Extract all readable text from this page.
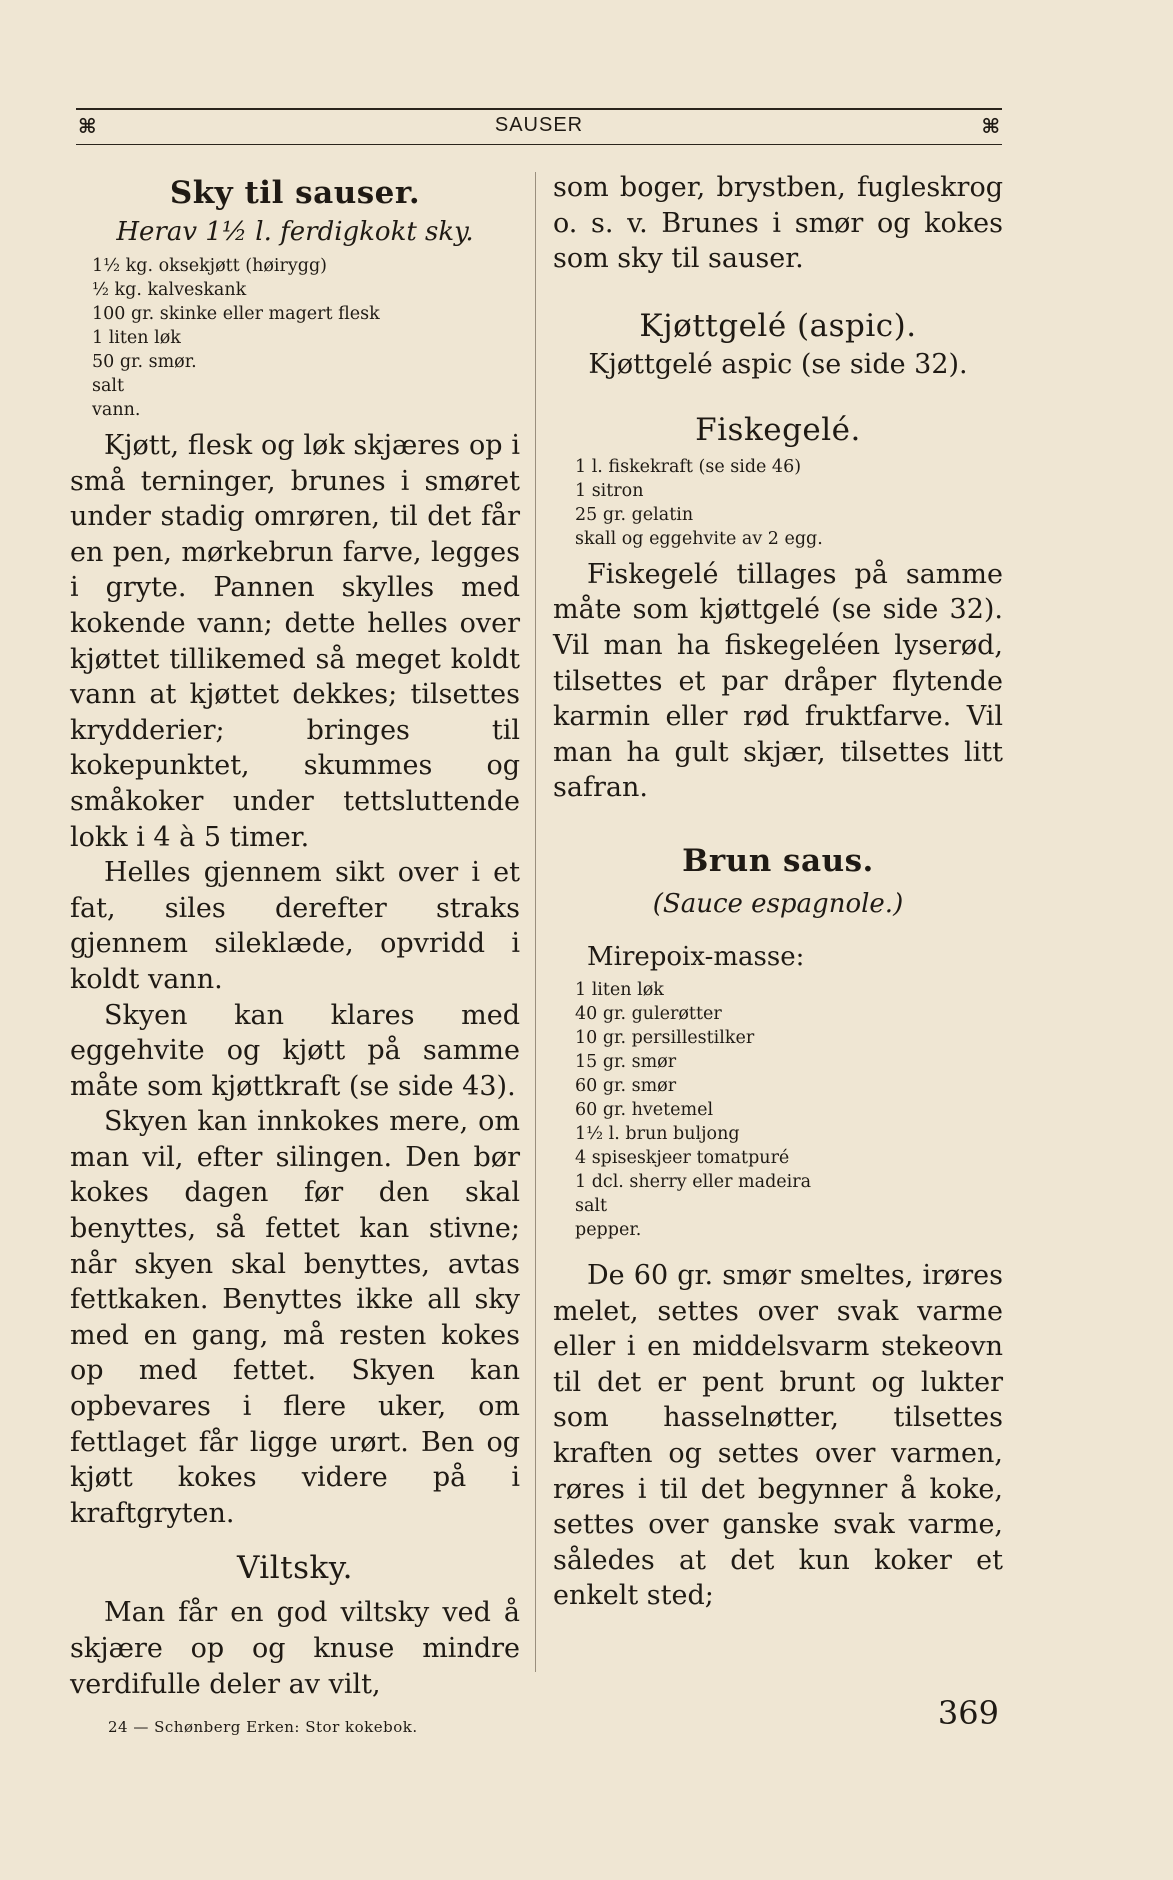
⌘	SAUSER	⌘
Sky til sauser.

Herav 1½ l. ferdigkokt sky.

1½ kg. oksekjøtt (høirygg)
½ kg. kalveskank
100 gr. skinke eller magert flesk
1 liten løk
50 gr. smør.
salt
vann.

Kjøtt, flesk og løk skjæres op i små terninger, brunes i smøret under stadig omrøren, til det får en pen, mørkebrun farve, legges i gryte. Pannen skylles med kokende vann; dette helles over kjøttet tillikemed så meget koldt vann at kjøttet dekkes; tilsettes krydderier; bringes til kokepunktet, skummes og småkoker under tettsluttende lokk i 4 à 5 timer.

Helles gjennem sikt over i et fat, siles derefter straks gjennem sileklæde, opvridd i koldt vann.

Skyen kan klares med eggehvite og kjøtt på samme måte som kjøttkraft (se side 43).

Skyen kan innkokes mere, om man vil, efter silingen. Den bør kokes dagen før den skal benyttes, så fettet kan stivne; når skyen skal benyttes, avtas fettkaken. Benyttes ikke all sky med en gang, må resten kokes op med fettet. Skyen kan opbevares i flere uker, om fettlaget får ligge urørt. Ben og kjøtt kokes videre på i kraftgryten.

Viltsky.

Man får en god viltsky ved å skjære op og knuse mindre verdifulle deler av vilt,

som boger, brystben, fugleskrog o. s. v. Brunes i smør og kokes som sky til sauser.

Kjøttgelé (aspic).

Kjøttgelé aspic (se side 32).

Fiskegelé.
1 l. fiskekraft (se side 46)
1 sitron
25 gr. gelatin
skall og eggehvite av 2 egg.

Fiskegelé tillages på samme måte som kjøttgelé (se side 32). Vil man ha fiskegeléen lyserød, tilsettes et par dråper flytende karmin eller rød fruktfarve. Vil man ha gult skjær, tilsettes litt safran.

Brun saus.

(Sauce espagnole.)

Mirepoix-masse:

1 liten løk
40 gr. gulerøtter
10 gr. persillestilker
15 gr. smør
60 gr. smør
60 gr. hvetemel
1½ l. brun buljong
4 spiseskjeer tomatpuré
1 dcl. sherry eller madeira
salt
pepper.

De 60 gr. smør smeltes, irøres melet, settes over svak varme eller i en middelsvarm stekeovn til det er pent brunt og lukter som hasselnøtter, tilsettes kraften og settes over varmen, røres i til det begynner å koke, settes over ganske svak varme, således at det kun koker et enkelt sted;

24 — Schønberg Erken: Stor kokebok.	369
